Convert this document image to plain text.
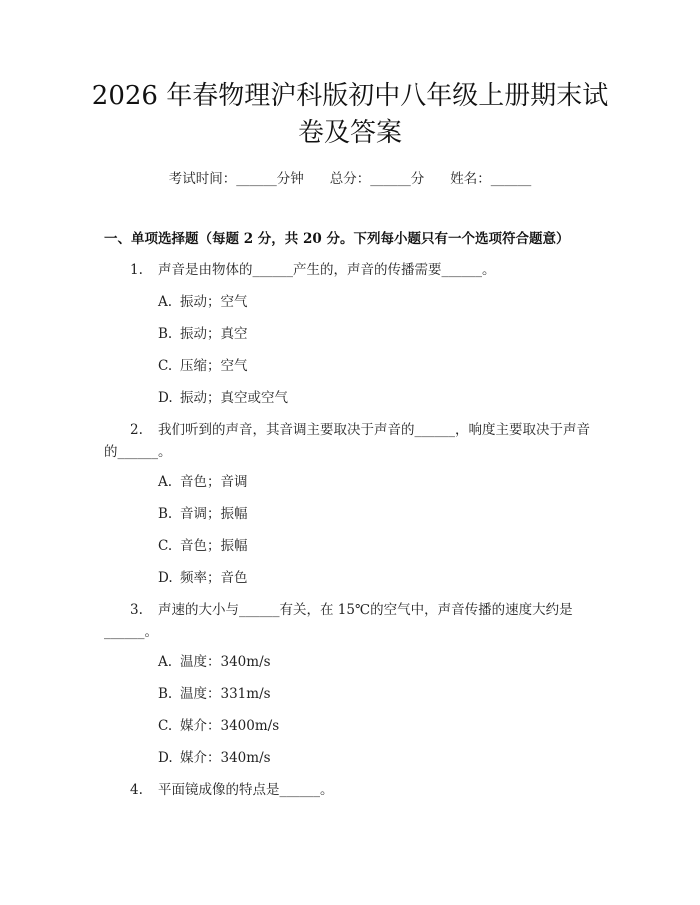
2026 年春物理沪科版初中八年级上册期末试
卷及答案
考试时间：______分钟 总分：______分 姓名：______
一、单项选择题（每题 2 分，共 20 分。下列每小题只有一个选项符合题意）
1. 声音是由物体的______产生的，声音的传播需要______。
A. 振动；空气
B. 振动；真空
C. 压缩；空气
D. 振动；真空或空气
2. 我们听到的声音，其音调主要取决于声音的______，响度主要取决于声音的______。
A. 音色；音调
B. 音调；振幅
C. 音色；振幅
D. 频率；音色
3. 声速的大小与______有关，在 15℃的空气中，声音传播的速度大约是______。
A. 温度：340m/s
B. 温度：331m/s
C. 媒介：3400m/s
D. 媒介：340m/s
4. 平面镜成像的特点是______。
